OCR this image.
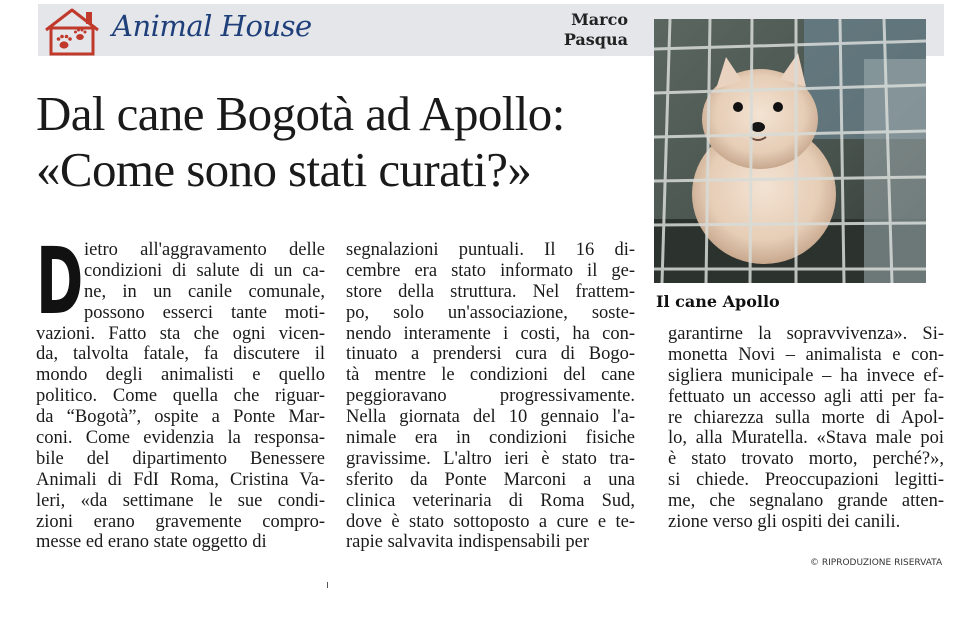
Animal House	Marco
Pasqua
Dal cane Bogotà ad Apollo:
«Come sono stati curati?»
Il cane Apollo
D ietro all'aggravamento delle
condizioni di salute di un ca-
ne, in un canile comunale,
possono esserci tante moti-
vazioni. Fatto sta che ogni vicen-
da, talvolta fatale, fa discutere il
mondo degli animalisti e quello
politico. Come quella che riguar-
da “Bogotà”, ospite a Ponte Mar-
coni. Come evidenzia la responsa-
bile del dipartimento Benessere
Animali di FdI Roma, Cristina Va-
leri, «da settimane le sue condi-
zioni erano gravemente compro-
messe ed erano state oggetto di
segnalazioni puntuali. Il 16 di-
cembre era stato informato il ge-
store della struttura. Nel frattem-
po, solo un'associazione, soste-
nendo interamente i costi, ha con-
tinuato a prendersi cura di Bogo-
tà mentre le condizioni del cane
peggioravano progressivamente.
Nella giornata del 10 gennaio l'a-
nimale era in condizioni fisiche
gravissime. L'altro ieri è stato tra-
sferito da Ponte Marconi a una
clinica veterinaria di Roma Sud,
dove è stato sottoposto a cure e te-
rapie salvavita indispensabili per
garantirne la sopravvivenza». Si-
monetta Novi – animalista e con-
sigliera municipale – ha invece ef-
fettuato un accesso agli atti per fa-
re chiarezza sulla morte di Apol-
lo, alla Muratella. «Stava male poi
è stato trovato morto, perché?»,
si chiede. Preoccupazioni legitti-
me, che segnalano grande atten-
zione verso gli ospiti dei canili.
© RIPRODUZIONE RISERVATA
